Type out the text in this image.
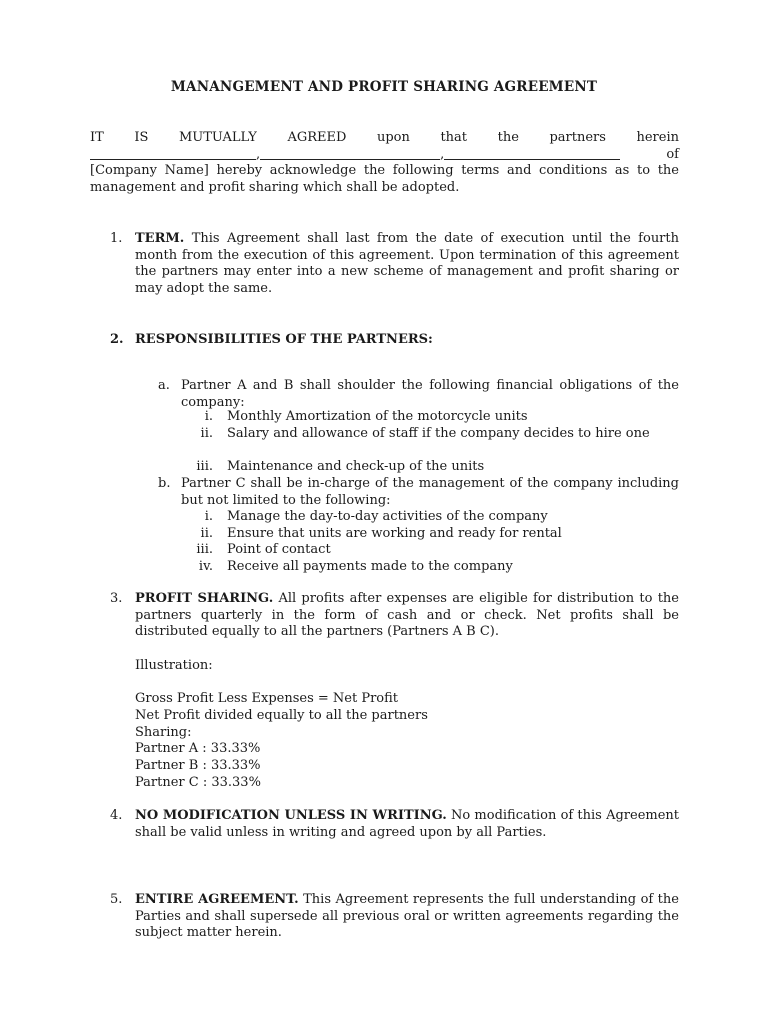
MANANGEMENT AND PROFIT SHARING AGREEMENT
IT IS MUTUALLY AGREED upon that the partners herein
,	,	of
[Company Name] hereby acknowledge the following terms and conditions as to the management and profit sharing which shall be adopted.
1. TERM. This Agreement shall last from the date of execution until the fourth month from the execution of this agreement. Upon termination of this agreement the partners may enter into a new scheme of management and profit sharing or may adopt the same.
2. RESPONSIBILITIES OF THE PARTNERS:
a. Partner A and B shall shoulder the following financial obligations of the company:
i. Monthly Amortization of the motorcycle units
ii. Salary and allowance of staff if the company decides to hire one
iii. Maintenance and check-up of the units
b. Partner C shall be in-charge of the management of the company including but not limited to the following:
i. Manage the day-to-day activities of the company
ii. Ensure that units are working and ready for rental
iii. Point of contact
iv. Receive all payments made to the company
3. PROFIT SHARING. All profits after expenses are eligible for distribution to the partners quarterly in the form of cash and or check. Net profits shall be distributed equally to all the partners (Partners A B C).
Illustration:
Gross Profit Less Expenses = Net Profit
Net Profit divided equally to all the partners
Sharing:
Partner A : 33.33%
Partner B : 33.33%
Partner C : 33.33%
4. NO MODIFICATION UNLESS IN WRITING. No modification of this Agreement shall be valid unless in writing and agreed upon by all Parties.
5. ENTIRE AGREEMENT. This Agreement represents the full understanding of the Parties and shall supersede all previous oral or written agreements regarding the subject matter herein.
